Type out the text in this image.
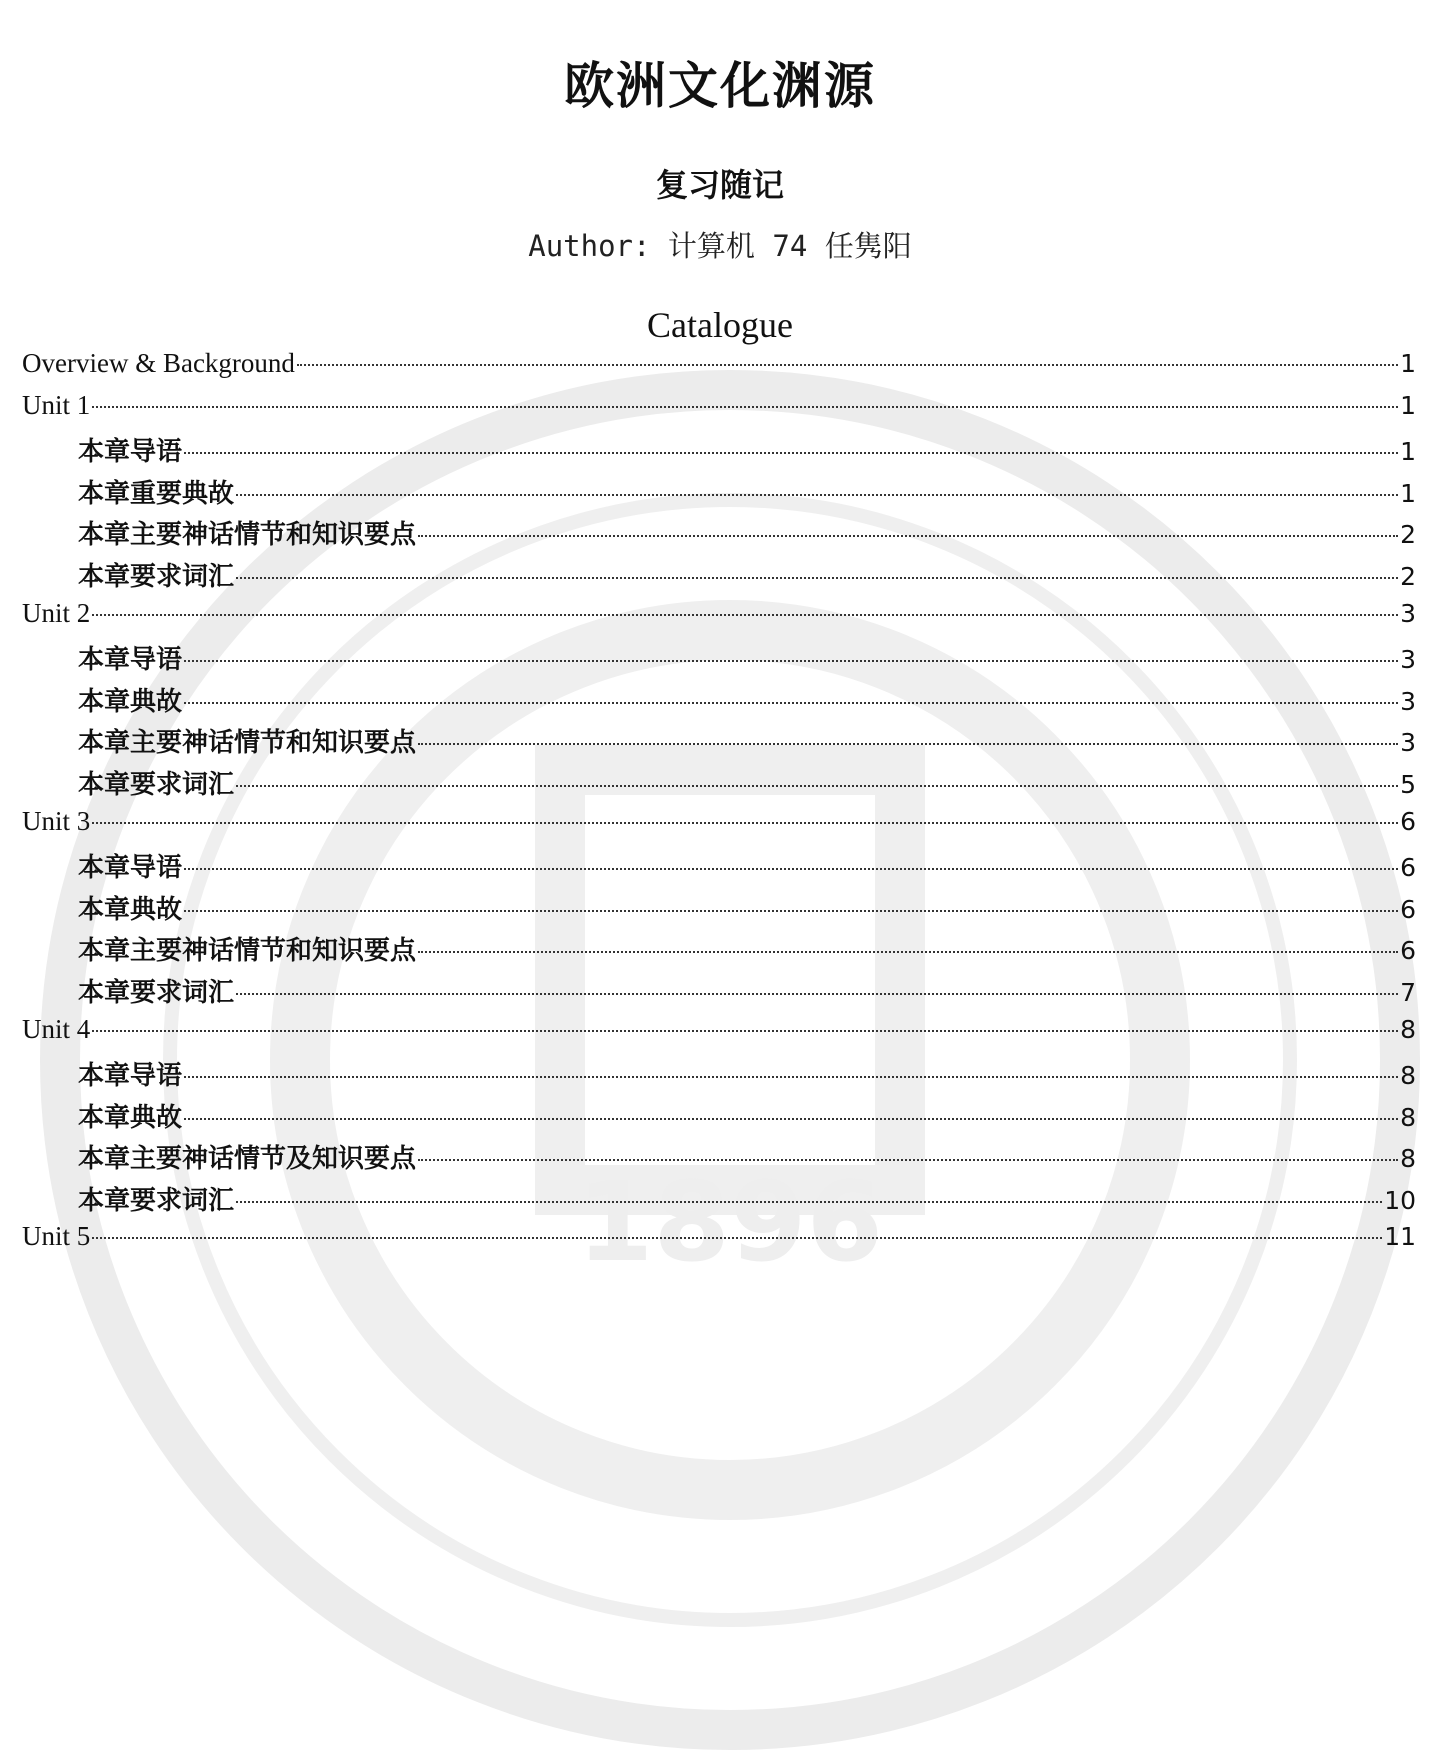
1896
欧洲文化渊源
复习随记
Author: 计算机 74 任隽阳
Catalogue
Overview & Background	1
Unit 1	1
本章导语	1
本章重要典故	1
本章主要神话情节和知识要点	2
本章要求词汇	2
Unit 2	3
本章导语	3
本章典故	3
本章主要神话情节和知识要点	3
本章要求词汇	5
Unit 3	6
本章导语	6
本章典故	6
本章主要神话情节和知识要点	6
本章要求词汇	7
Unit 4	8
本章导语	8
本章典故	8
本章主要神话情节及知识要点	8
本章要求词汇	10
Unit 5	11
